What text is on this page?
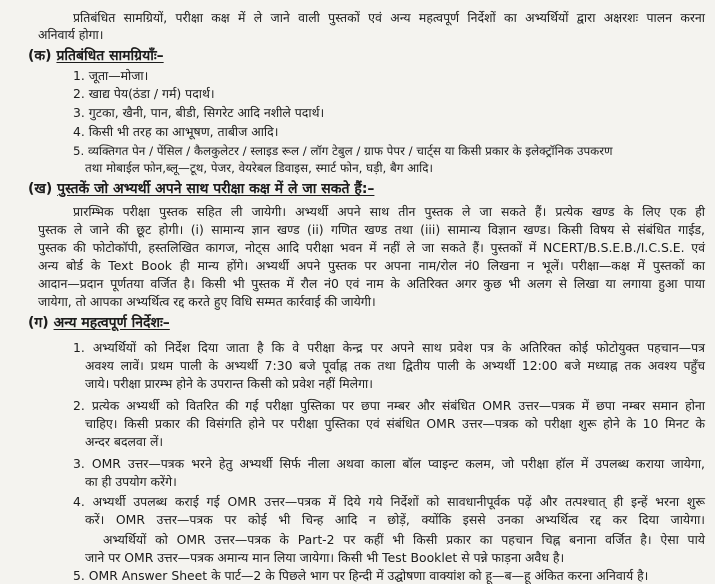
प्रतिबंधित सामग्रियों, परीक्षा कक्ष में ले जाने वाली पुस्तकों एवं अन्य महत्वपूर्ण निर्देशों का अभ्यर्थियों द्वारा अक्षरशः पालन करना
अनिवार्य होगा।
(क) प्रतिबंधित सामग्रियाँः–
1. जूता—मोजा।
2. खाद्य पेय(ठंडा / गर्म) पदार्थ।
3. गुटका, खैनी, पान, बीडी, सिगरेट आदि नशीले पदार्थ।
4. किसी भी तरह का आभूषण, ताबीज आदि।
5. व्यक्तिगत पेन / पेंसिल / कैलकुलेटर / स्लाइड रूल / लॉग टेबुल / ग्राफ पेपर / चार्ट्स या किसी प्रकार के इलेक्ट्रॉनिक उपकरण
तथा मोबाईल फोन,ब्लू—टूथ, पेजर, वेयरेबल डिवाइस, स्मार्ट फोन, घड़ी, बैग आदि।
(ख) पुस्तकें जो अभ्यर्थी अपने साथ परीक्षा कक्ष में ले जा सकते हैं:–
प्रारम्भिक परीक्षा पुस्तक सहित ली जायेगी। अभ्यर्थी अपने साथ तीन पुस्तक ले जा सकते हैं। प्रत्येक खण्ड के लिए एक ही
पुस्तक ले जाने की छूट होगी। (i) सामान्य ज्ञान खण्ड (ii) गणित खण्ड तथा (iii) सामान्य विज्ञान खण्ड। किसी विषय से संबंधित गाईड,
पुस्तक की फोटोकॉपी, हस्तलिखित कागज, नोट्स आदि परीक्षा भवन में नहीं ले जा सकते हैं। पुस्तकों में NCERT/B.S.E.B./I.C.S.E. एवं
अन्य बोर्ड के Text Book ही मान्य होंगे। अभ्यर्थी अपने पुस्तक पर अपना नाम/रोल नं0 लिखना न भूलें। परीक्षा—कक्ष में पुस्तकों का
आदान—प्रदान पूर्णतया वर्जित है। किसी भी पुस्तक में रौल नं0 एवं नाम के अतिरिक्त अगर कुछ भी अलग से लिखा या लगाया हुआ पाया
जायेगा, तो आपका अभ्यर्थित्व रद्द करते हुए विधि सम्मत कार्रवाई की जायेगी।
(ग) अन्य महत्वपूर्ण निर्देशः–
1. अभ्यर्थियों को निर्देश दिया जाता है कि वे परीक्षा केन्द्र पर अपने साथ प्रवेश पत्र के अतिरिक्त कोई फोटोयुक्त पहचान—पत्र
अवश्य लावें। प्रथम पाली के अभ्यर्थी 7:30 बजे पूर्वाह्न तक तथा द्वितीय पाली के अभ्यर्थी 12:00 बजे मध्याह्न तक अवश्य पहुँच
जाये। परीक्षा प्रारम्भ होने के उपरान्त किसी को प्रवेश नहीं मिलेगा।
2. प्रत्येक अभ्यर्थी को वितरित की गई परीक्षा पुस्तिका पर छपा नम्बर और संबंधित OMR उत्तर—पत्रक में छपा नम्बर समान होना
चाहिए। किसी प्रकार की विसंगति होने पर परीक्षा पुस्तिका एवं संबंधित OMR उत्तर—पत्रक को परीक्षा शुरू होने के 10 मिनट के
अन्दर बदलवा लें।
3. OMR उत्तर—पत्रक भरने हेतु अभ्यर्थी सिर्फ नीला अथवा काला बॉल प्वाइन्ट कलम, जो परीक्षा हॉल में उपलब्ध कराया जायेगा,
का ही उपयोग करेंगे।
4. अभ्यर्थी उपलब्ध कराई गई OMR उत्तर—पत्रक में दिये गये निर्देशों को सावधानीपूर्वक पढ़ें और तत्पश्चात् ही इन्हें भरना शुरू
करें। OMR उत्तर—पत्रक पर कोई भी चिन्ह आदि न छोड़ें, क्योंकि इससे उनका अभ्यर्थित्व रद्द कर दिया जायेगा।
अभ्यर्थियों को OMR उत्तर—पत्रक के Part-2 पर कहीं भी किसी प्रकार का पहचान चिह्न बनाना वर्जित है। ऐसा पाये
जाने पर OMR उत्तर—पत्रक अमान्य मान लिया जायेगा। किसी भी Test Booklet से पन्ने फाड़ना अवैध है।
5. OMR Answer Sheet के पार्ट—2 के पिछले भाग पर हिन्दी में उद्घोषणा वाक्यांश को हू—ब—हू अंकित करना अनिवार्य है।
